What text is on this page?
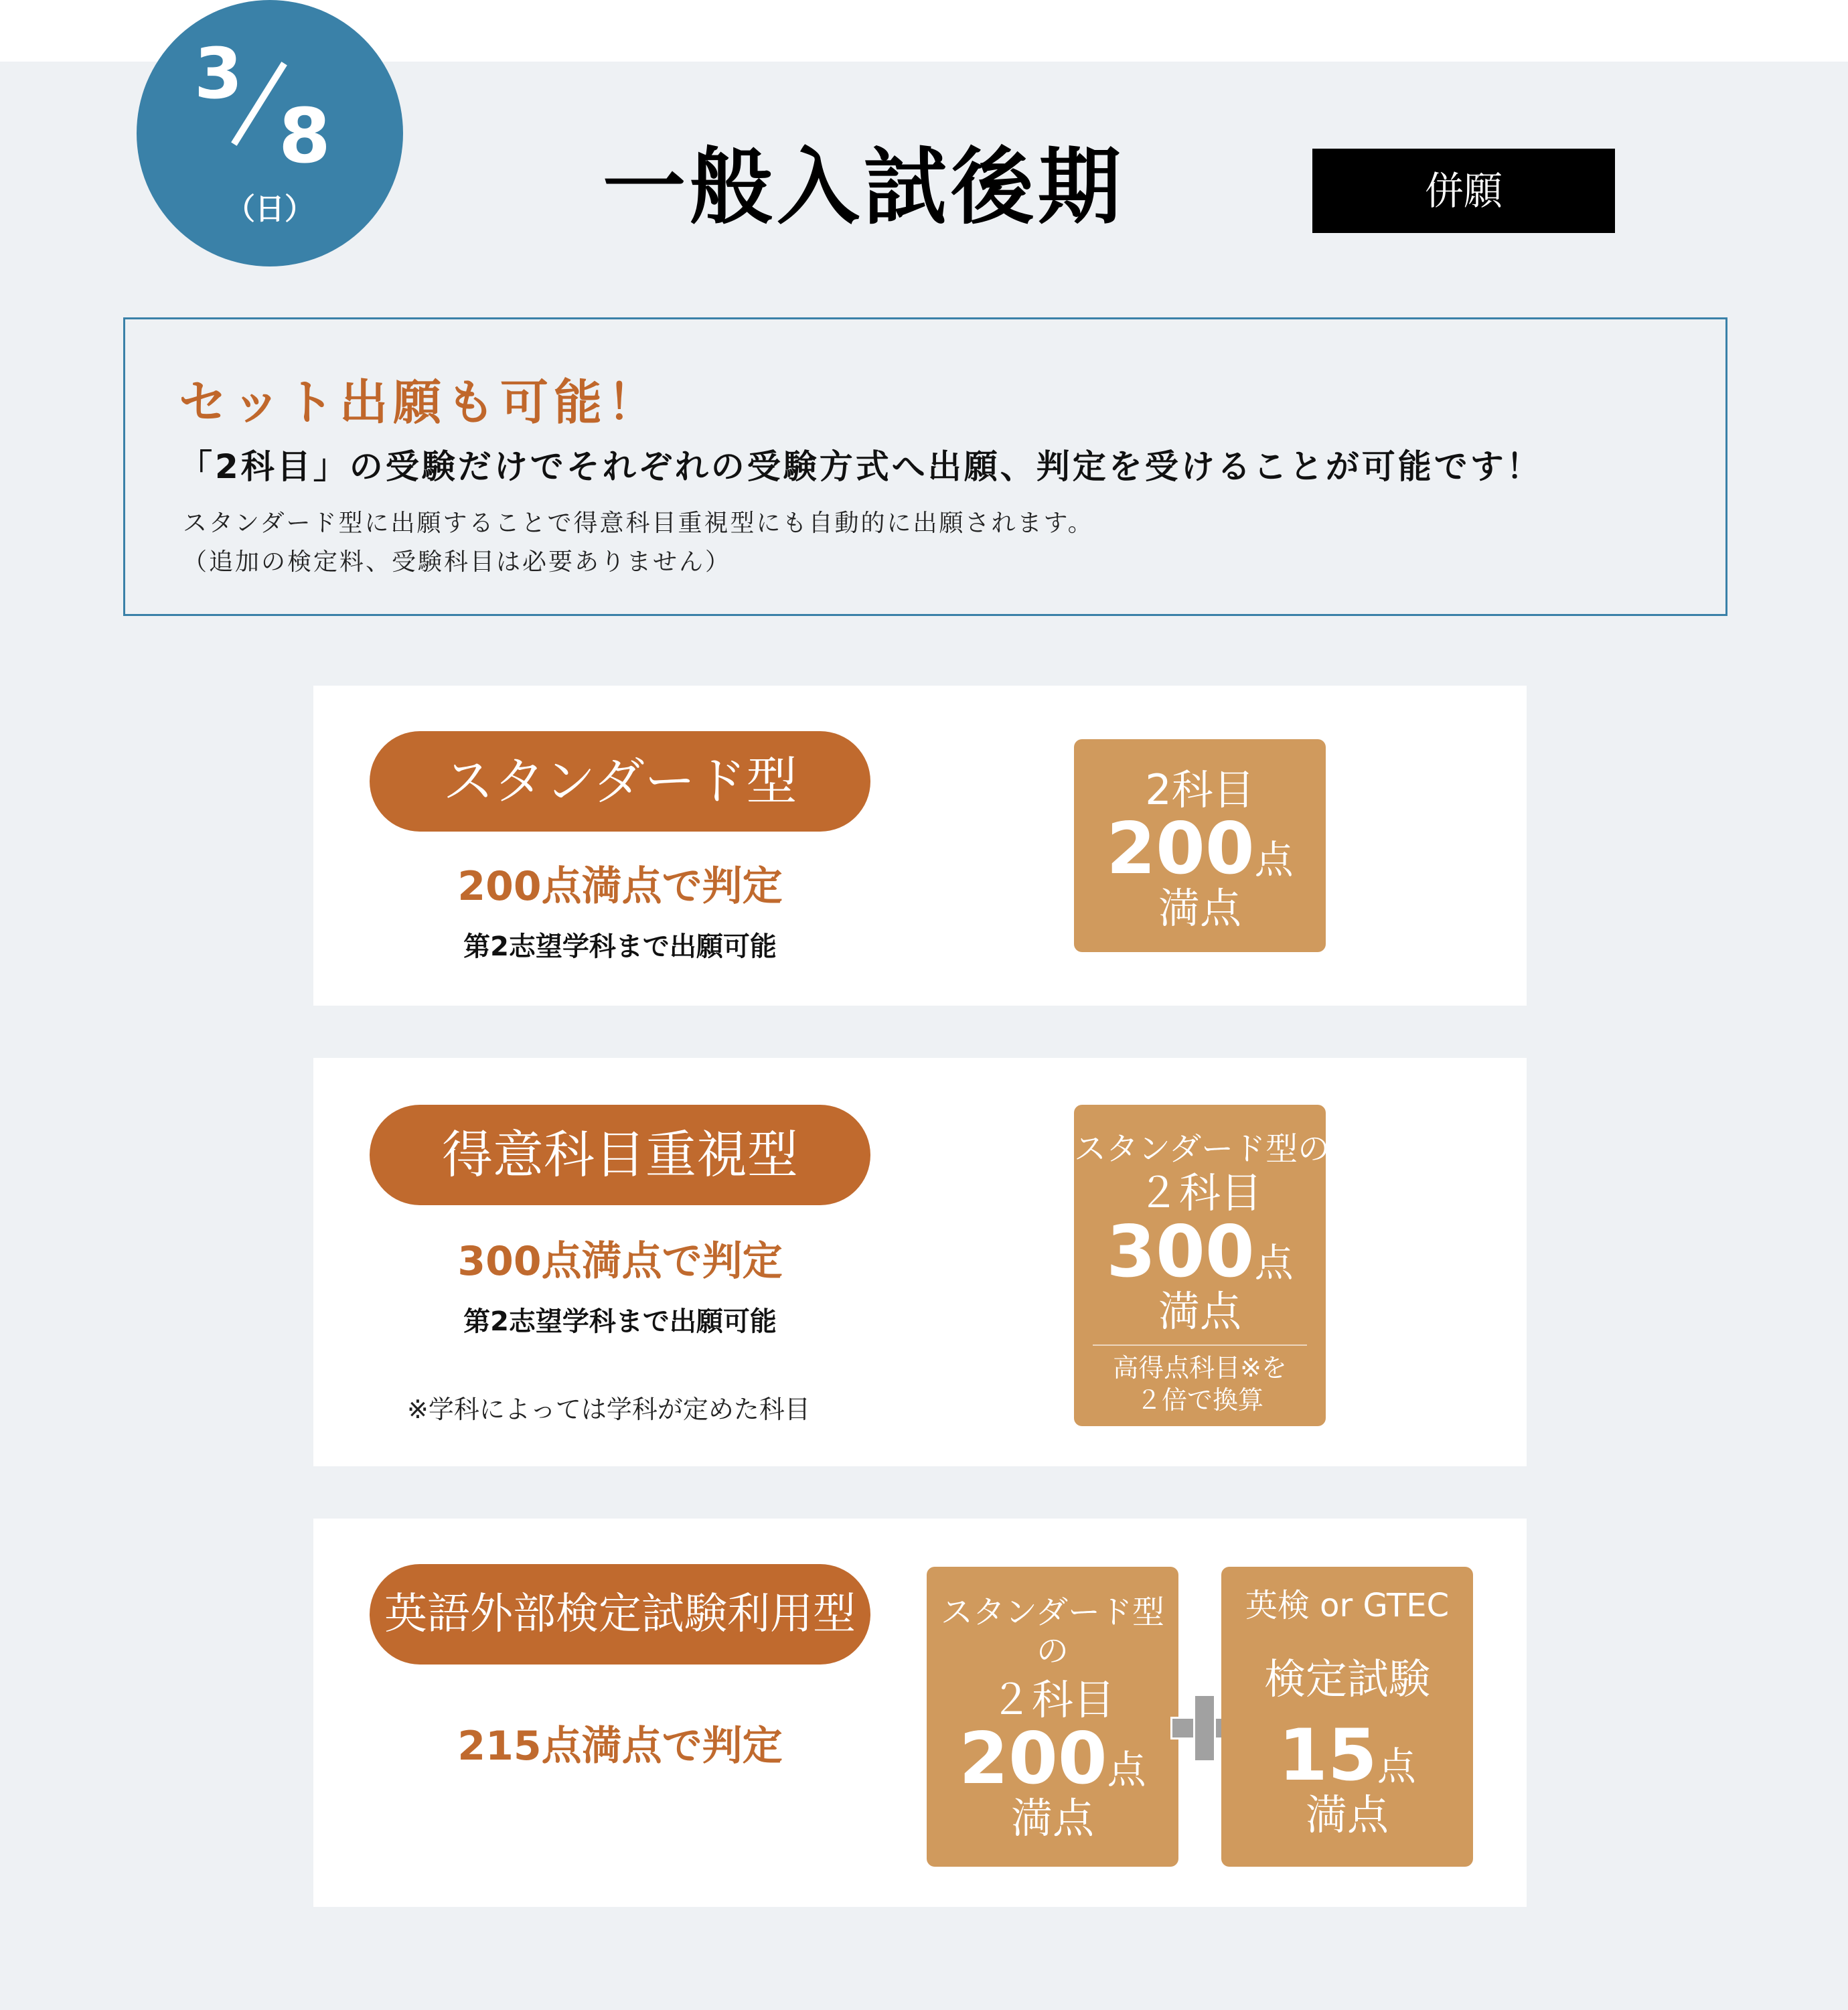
3
8
（日）	一般入試後期	併願
セット出願も可能！
「2科目」の受験だけでそれぞれの受験方式へ出願、判定を受けることが可能です！
スタンダード型に出願することで得意科目重視型にも自動的に出願されます。
（追加の検定料、受験科目は必要ありません）
スタンダード型
200点満点で判定
第2志望学科まで出願可能
2科目
200点
満点
得意科目重視型
300点満点で判定
第2志望学科まで出願可能
※学科によっては学科が定めた科目
スタンダード型の
２科目
300点
満点
高得点科目※を
２倍で換算
英語外部検定試験利用型
215点満点で判定
スタンダード型
の
２科目
200点
満点
英検 or GTEC
検定試験
15点
満点
